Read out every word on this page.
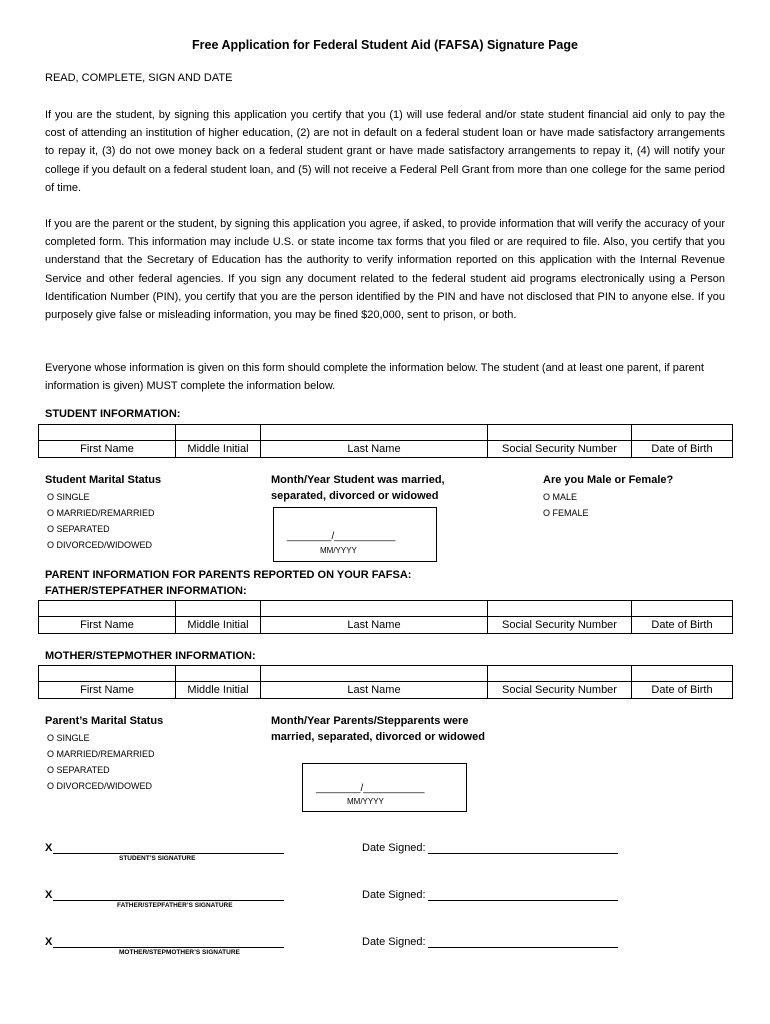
Free Application for Federal Student Aid (FAFSA) Signature Page
READ, COMPLETE, SIGN AND DATE
If you are the student, by signing this application you certify that you (1) will use federal and/or state student financial aid only to pay the cost of attending an institution of higher education, (2) are not in default on a federal student loan or have made satisfactory arrangements to repay it, (3) do not owe money back on a federal student grant or have made satisfactory arrangements to repay it, (4) will notify your college if you default on a federal student loan, and (5) will not receive a Federal Pell Grant from more than one college for the same period of time.
If you are the parent or the student, by signing this application you agree, if asked, to provide information that will verify the accuracy of your completed form. This information may include U.S. or state income tax forms that you filed or are required to file. Also, you certify that you understand that the Secretary of Education has the authority to verify information reported on this application with the Internal Revenue Service and other federal agencies. If you sign any document related to the federal student aid programs electronically using a Person Identification Number (PIN), you certify that you are the person identified by the PIN and have not disclosed that PIN to anyone else. If you purposely give false or misleading information, you may be fined $20,000, sent to prison, or both.
Everyone whose information is given on this form should complete the information below. The student (and at least one parent, if parent information is given) MUST complete the information below.
STUDENT INFORMATION:

First Name	Middle Initial	Last Name	Social Security Number	Date of Birth
Student Marital Status
O SINGLE
O MARRIED/REMARRIED
O SEPARATED
O DIVORCED/WIDOWED
Month/Year Student was married,
separated, divorced or widowed
________/___________
MM/YYYY
Are you Male or Female?
O MALE
O FEMALE
PARENT INFORMATION FOR PARENTS REPORTED ON YOUR FAFSA:
FATHER/STEPFATHER INFORMATION:

First Name	Middle Initial	Last Name	Social Security Number	Date of Birth
MOTHER/STEPMOTHER INFORMATION:

First Name	Middle Initial	Last Name	Social Security Number	Date of Birth
Parent’s Marital Status
O SINGLE
O MARRIED/REMARRIED
O SEPARATED
O DIVORCED/WIDOWED
Month/Year Parents/Stepparents were
married, separated, divorced or widowed
________/___________
MM/YYYY
X
STUDENT’S SIGNATURE
Date Signed:
X
FATHER/STEPFATHER’S SIGNATURE
Date Signed:
X
MOTHER/STEPMOTHER’S SIGNATURE
Date Signed:
